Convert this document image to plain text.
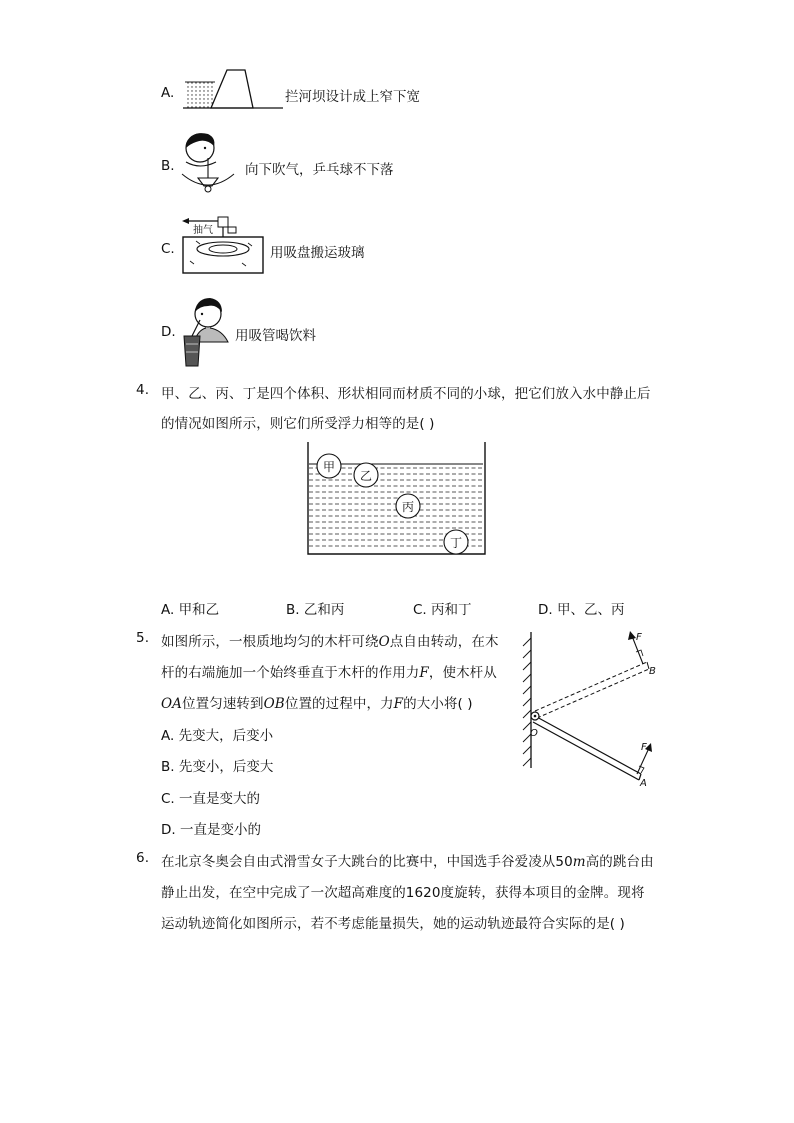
A.	拦河坝设计成上窄下宽
B.	向下吹气，乒乓球不下落
C.
抽气
用吸盘搬运玻璃
D.	用吸管喝饮料
4. 甲、乙、丙、丁是四个体积、形状相同而材质不同的小球，把它们放入水中静止后
的情况如图所示，则它们所受浮力相等的是( )
甲
乙
丙
丁
A. 甲和乙	B. 乙和丙	C. 丙和丁	D. 甲、乙、丙
5. 如图所示，一根质地均匀的木杆可绕O点自由转动，在木
杆的右端施加一个始终垂直于木杆的作用力F，使木杆从
OA位置匀速转到OB位置的过程中，力F的大小将( )
A. 先变大，后变小
B. 先变小，后变大
C. 一直是变大的
D. 一直是变小的
F
B
O
F
A
6. 在北京冬奥会自由式滑雪女子大跳台的比赛中，中国选手谷爱凌从50m高的跳台由
静止出发，在空中完成了一次超高难度的1620度旋转，获得本项目的金牌。现将
运动轨迹简化如图所示，若不考虑能量损失，她的运动轨迹最符合实际的是( )
